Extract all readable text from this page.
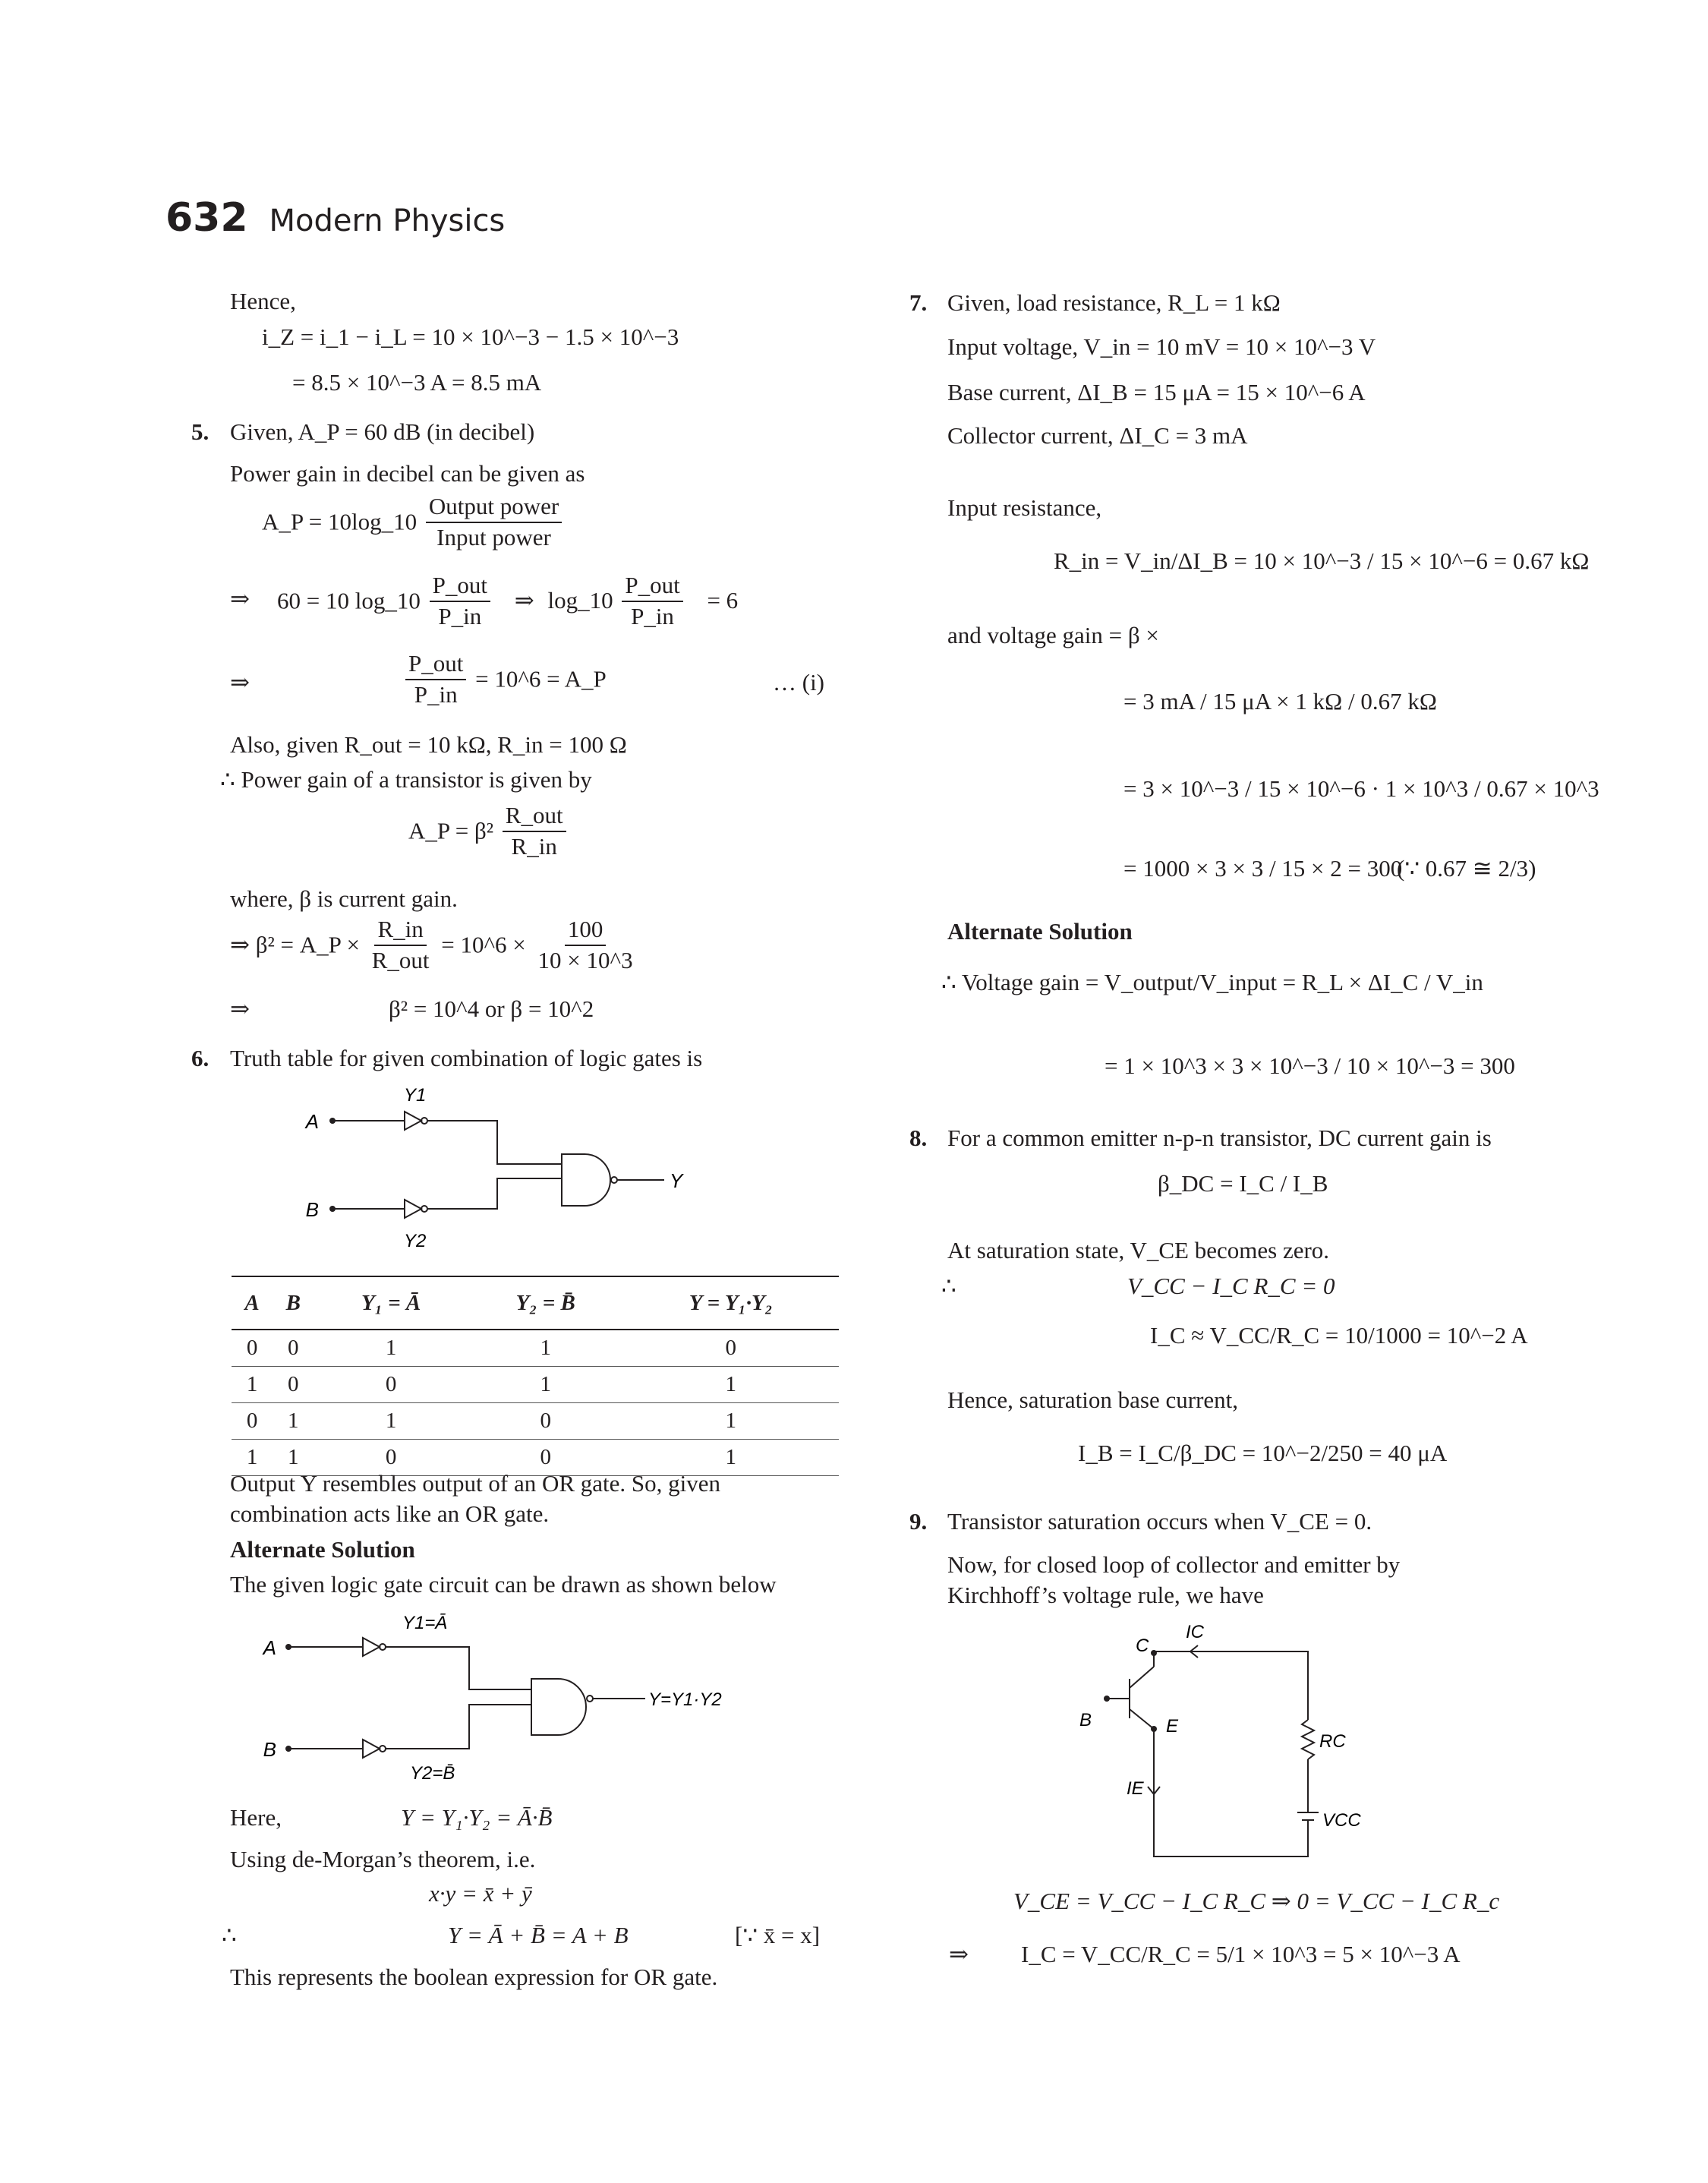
632 Modern Physics
Hence,
i_Z = i_1 − i_L = 10 × 10^−3 − 1.5 × 10^−3
= 8.5 × 10^−3 A = 8.5 mA
5. Given, A_P = 60 dB (in decibel)
Power gain in decibel can be given as
A_P = 10log_10
Output power
Input power
⇒ 60 = 10 log_10
P_out
P_in
⇒ log_10
P_out
P_in
= 6
⇒
P_out
P_in
= 10^6 = A_P	… (i)
Also, given R_out = 10 kΩ, R_in = 100 Ω
∴ Power gain of a transistor is given by
A_P = β²
R_out
R_in
where, β is current gain.
⇒ β² = A_P ×
R_in
R_out
= 10^6 × $\frac{100}{10 \times 10\^{}3}$
⇒	β² = 10^4 or β = 10^2
6. Truth table for given combination of logic gates is
A
B
Y1
Y2
Y
A	B	Y₁ = Ā	Y₂ = B̄	Y = Y₁·Y₂
0	0	1	1	0
1	0	0	1	1
0	1	1	0	1
1	1	0	0	1
Output Y resembles output of an OR gate. So, given
combination acts like an OR gate.
Alternate Solution
The given logic gate circuit can be drawn as shown below
A
B
Y1=Ā
Y2=B̄
Y=Y1·Y2
Here,	Y = Y₁·Y₂ = Ā·B̄
Using de-Morgan’s theorem, i.e.
x·y = x̄ + ȳ
∴	Y = Ā + B̄ = A + B	[∵ x̄ = x]
This represents the boolean expression for OR gate.
7. Given, load resistance, R_L = 1 kΩ
Input voltage, V_in = 10 mV = 10 × 10^−3 V
Base current, ΔI_B = 15 μA = 15 × 10^−6 A
Collector current, ΔI_C = 3 mA
Input resistance,
R_in = V_in/ΔI_B = 10 × 10^−3 / 15 × 10^−6 = 0.67 kΩ
and voltage gain = β ×
= 3 mA / 15 μA × 1 kΩ / 0.67 kΩ
= 3 × 10^−3 / 15 × 10^−6 · 1 × 10^3 / 0.67 × 10^3
= 1000 × 3 × 3 / 15 × 2 = 300
(∵ 0.67 ≅ 2/3)
Alternate Solution
∴ Voltage gain = V_output/V_input = R_L × ΔI_C / V_in
= 1 × 10^3 × 3 × 10^−3 / 10 × 10^−3 = 300
8. For a common emitter n-p-n transistor, DC current gain is
β_DC = I_C / I_B
At saturation state, V_CE becomes zero.
∴	V_CC − I_C R_C = 0
I_C ≈ V_CC/R_C = 10/1000 = 10^−2 A
Hence, saturation base current,
I_B = I_C/β_DC = 10^−2/250 = 40 μA
9. Transistor saturation occurs when V_CE = 0.
Now, for closed loop of collector and emitter by
Kirchhoff’s voltage rule, we have
IC
C
B	E
IE
RC
VCC
V_CE = V_CC − I_C R_C ⇒ 0 = V_CC − I_C R_c
⇒ I_C = V_CC/R_C = 5/1 × 10^3 = 5 × 10^−3 A
